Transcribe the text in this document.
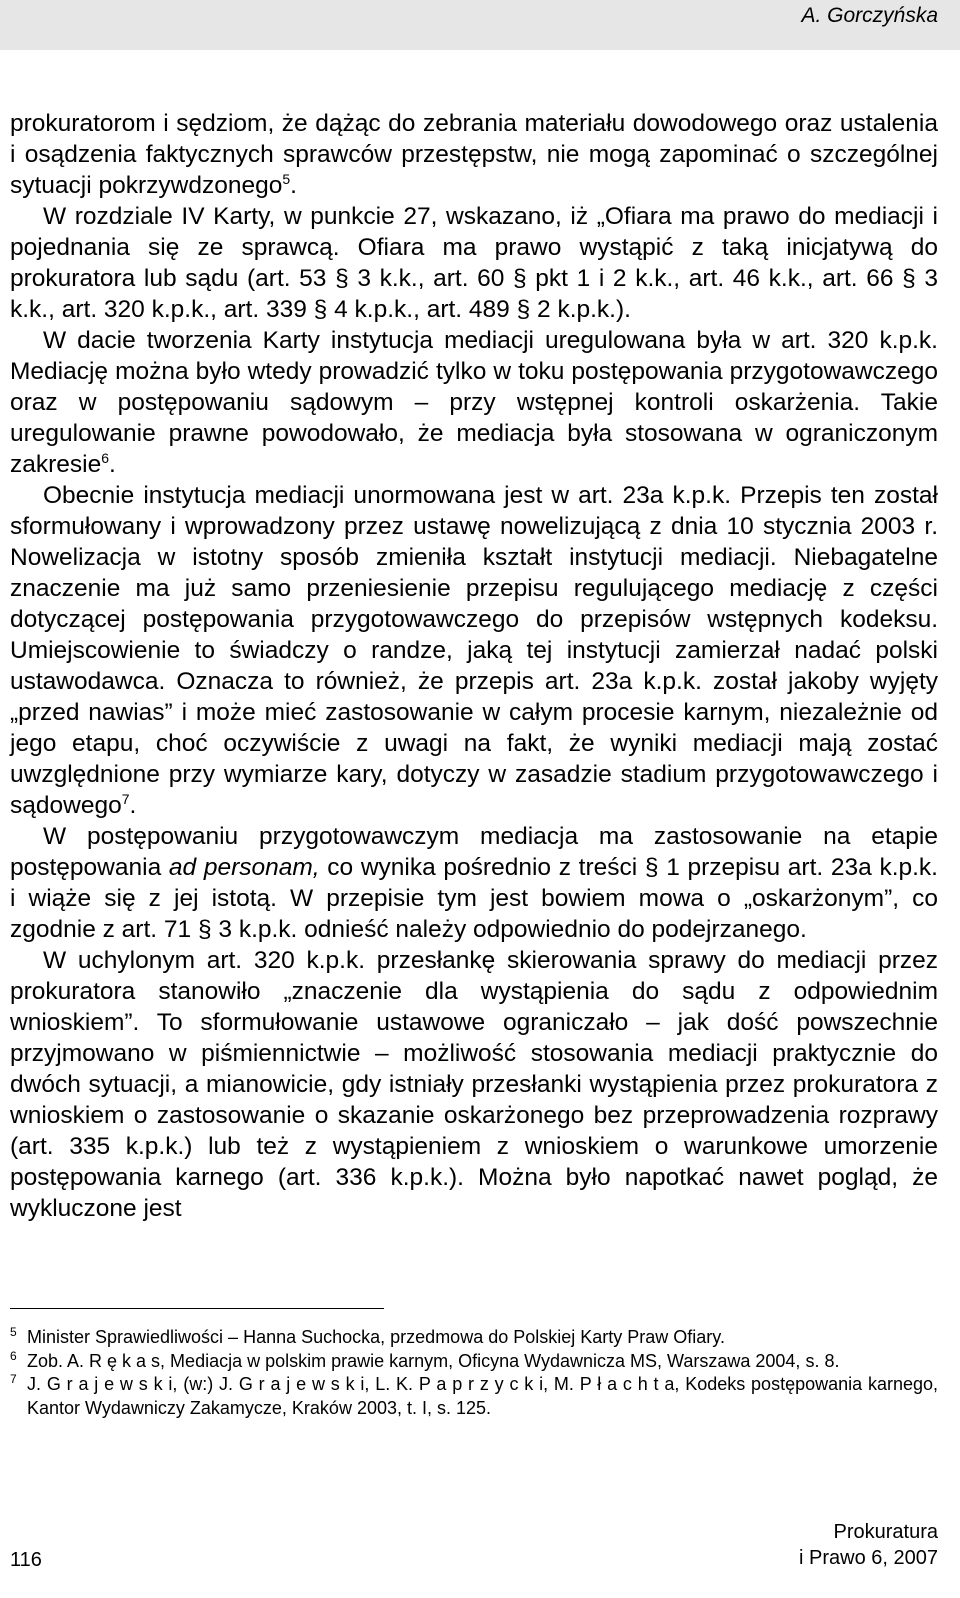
A. Gorczyńska

prokuratorom i sędziom, że dążąc do zebrania materiału dowodowego oraz ustalenia i osądzenia faktycznych sprawców przestępstw, nie mogą zapominać o szczególnej sytuacji pokrzywdzonego$^5$.

W rozdziale IV Karty, w punkcie 27, wskazano, iż „Ofiara ma prawo do mediacji i pojednania się ze sprawcą. Ofiara ma prawo wystąpić z taką inicjatywą do prokuratora lub sądu (art. 53 § 3 k.k., art. 60 § pkt 1 i 2 k.k., art. 46 k.k., art. 66 § 3 k.k., art. 320 k.p.k., art. 339 § 4 k.p.k., art. 489 § 2 k.p.k.).

W dacie tworzenia Karty instytucja mediacji uregulowana była w art. 320 k.p.k. Mediację można było wtedy prowadzić tylko w toku postępowania przygotowawczego oraz w postępowaniu sądowym – przy wstępnej kontroli oskarżenia. Takie uregulowanie prawne powodowało, że mediacja była stosowana w ograniczonym zakresie$^6$.

Obecnie instytucja mediacji unormowana jest w art. 23a k.p.k. Przepis ten został sformułowany i wprowadzony przez ustawę nowelizującą z dnia 10 stycznia 2003 r. Nowelizacja w istotny sposób zmieniła kształt instytucji mediacji. Niebagatelne znaczenie ma już samo przeniesienie przepisu regulującego mediację z części dotyczącej postępowania przygotowawczego do przepisów wstępnych kodeksu. Umiejscowienie to świadczy o randze, jaką tej instytucji zamierzał nadać polski ustawodawca. Oznacza to również, że przepis art. 23a k.p.k. został jakoby wyjęty „przed nawias” i może mieć zastosowanie w całym procesie karnym, niezależnie od jego etapu, choć oczywiście z uwagi na fakt, że wyniki mediacji mają zostać uwzględnione przy wymiarze kary, dotyczy w zasadzie stadium przygotowawczego i sądowego$^7$.

W postępowaniu przygotowawczym mediacja ma zastosowanie na etapie postępowania ad personam, co wynika pośrednio z treści § 1 przepisu art. 23a k.p.k. i wiąże się z jej istotą. W przepisie tym jest bowiem mowa o „oskarżonym”, co zgodnie z art. 71 § 3 k.p.k. odnieść należy odpowiednio do podejrzanego.

W uchylonym art. 320 k.p.k. przesłankę skierowania sprawy do mediacji przez prokuratora stanowiło „znaczenie dla wystąpienia do sądu z odpowiednim wnioskiem”. To sformułowanie ustawowe ograniczało – jak dość powszechnie przyjmowano w piśmiennictwie – możliwość stosowania mediacji praktycznie do dwóch sytuacji, a mianowicie, gdy istniały przesłanki wystąpienia przez prokuratora z wnioskiem o zastosowanie o skazanie oskarżonego bez przeprowadzenia rozprawy (art. 335 k.p.k.) lub też z wystąpieniem z wnioskiem o warunkowe umorzenie postępowania karnego (art. 336 k.p.k.). Można było napotkać nawet pogląd, że wykluczone jest

5 Minister Sprawiedliwości – Hanna Suchocka, przedmowa do Polskiej Karty Praw Ofiary.
6 Zob. A. R ę k a s, Mediacja w polskim prawie karnym, Oficyna Wydawnicza MS, Warszawa 2004, s. 8.
7 J. G r a j e w s k i, (w:) J. G r a j e w s k i, L. K. P a p r z y c k i, M. P ł a c h t a, Kodeks postępowania karnego, Kantor Wydawniczy Zakamycze, Kraków 2003, t. I, s. 125.
116
Prokuratura
i Prawo 6, 2007
